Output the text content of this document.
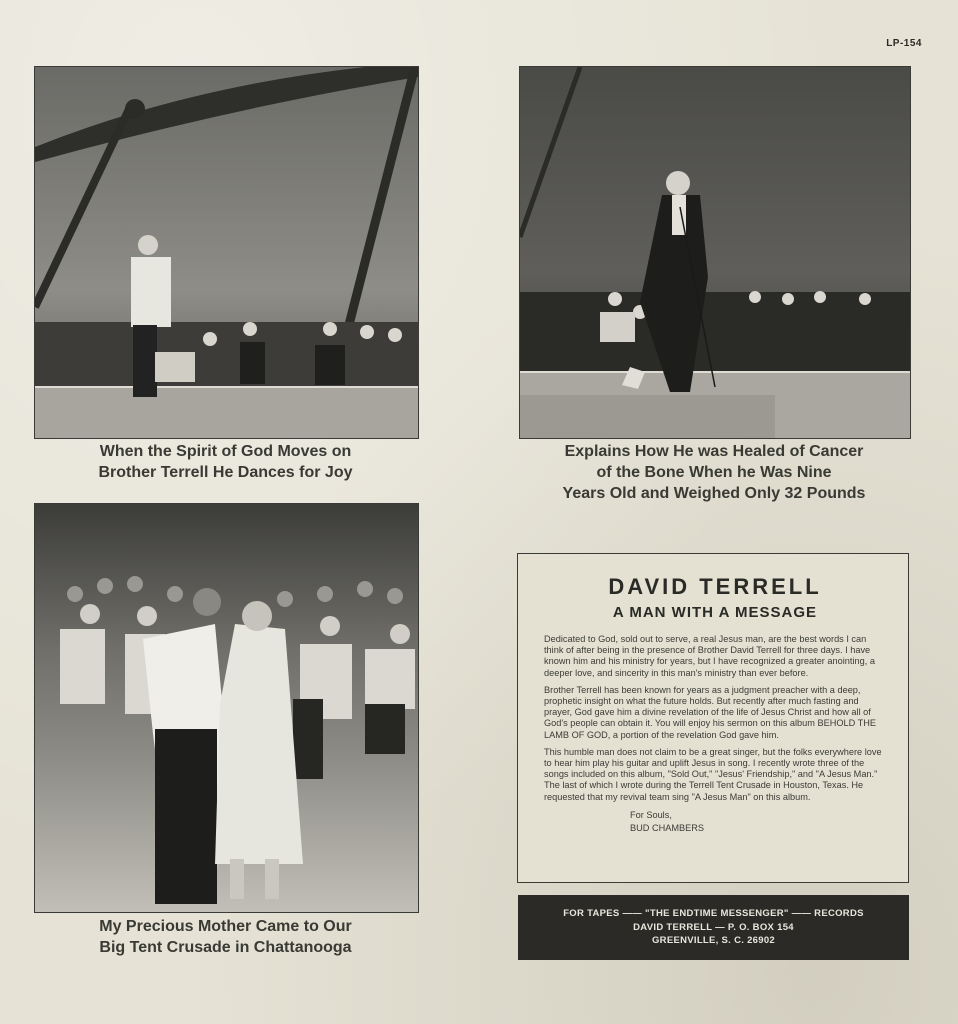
LP-154
When the Spirit of God Moves on
Brother Terrell He Dances for Joy
Explains How He was Healed of Cancer
of the Bone When he Was Nine
Years Old and Weighed Only 32 Pounds
My Precious Mother Came to Our
Big Tent Crusade in Chattanooga
DAVID TERRELL
A MAN WITH A MESSAGE

Dedicated to God, sold out to serve, a real Jesus man, are the best words I can think of after being in the presence of Brother David Terrell for three days. I have known him and his ministry for years, but I have recognized a greater anointing, a deeper love, and sincerity in this man's ministry than ever before.

Brother Terrell has been known for years as a judgment preacher with a deep, prophetic insight on what the future holds. But recently after much fasting and prayer, God gave him a divine revelation of the life of Jesus Christ and how all of God's people can obtain it. You will enjoy his sermon on this album BEHOLD THE LAMB OF GOD, a portion of the revelation God gave him.

This humble man does not claim to be a great singer, but the folks everywhere love to hear him play his guitar and uplift Jesus in song. I recently wrote three of the songs included on this album, "Sold Out," "Jesus' Friendship," and "A Jesus Man." The last of which I wrote during the Terrell Tent Crusade in Houston, Texas. He requested that my revival team sing "A Jesus Man" on this album.

For Souls,
BUD CHAMBERS
FOR TAPES —— "THE ENDTIME MESSENGER" —— RECORDS
DAVID TERRELL — P. O. BOX 154
GREENVILLE, S. C. 26902
